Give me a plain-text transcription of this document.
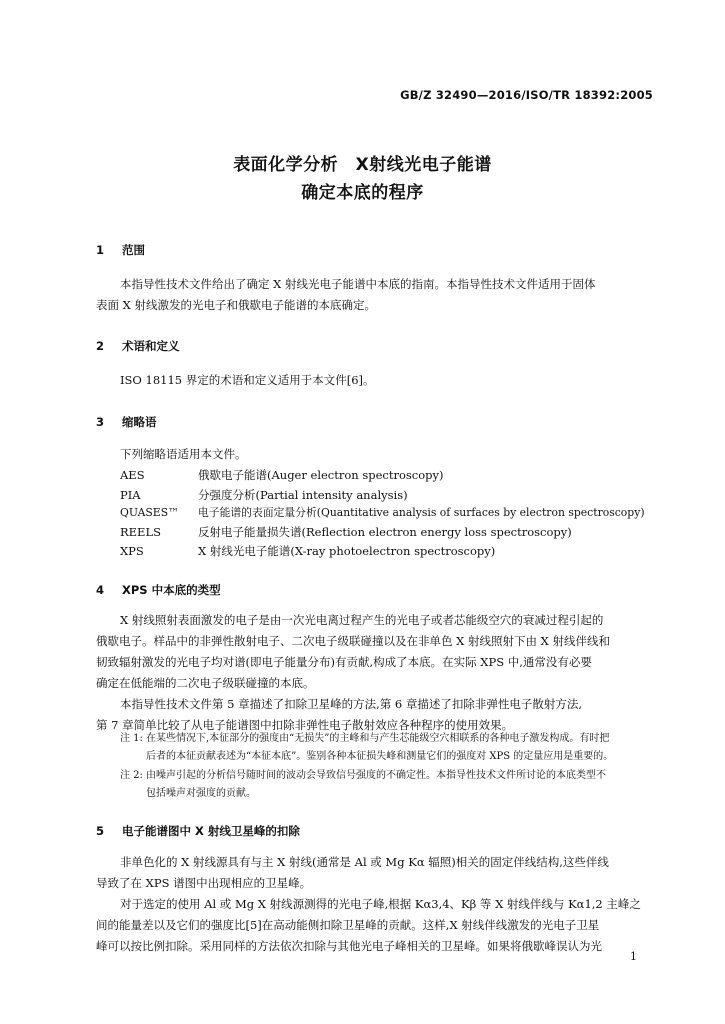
GB/Z 32490—2016/ISO/TR 18392:2005
表面化学分析　X射线光电子能谱
确定本底的程序
1 范围
本指导性技术文件给出了确定 X 射线光电子能谱中本底的指南。本指导性技术文件适用于固体
表面 X 射线激发的光电子和俄歇电子能谱的本底确定。
2 术语和定义
ISO 18115 界定的术语和定义适用于本文件[6]。
3 缩略语
下列缩略语适用本文件。
AES	俄歇电子能谱(Auger electron spectroscopy)
PIA	分强度分析(Partial intensity analysis)
QUASES™ 电子能谱的表面定量分析(Quantitative analysis of surfaces by electron spectroscopy)
REELS	反射电子能量损失谱(Reflection electron energy loss spectroscopy)
XPS	X 射线光电子能谱(X-ray photoelectron spectroscopy)
4 XPS 中本底的类型
X 射线照射表面激发的电子是由一次光电离过程产生的光电子或者芯能级空穴的衰减过程引起的
俄歇电子。样品中的非弹性散射电子、二次电子级联碰撞以及在非单色 X 射线照射下由 X 射线伴线和
韧致辐射激发的光电子均对谱(即电子能量分布)有贡献,构成了本底。在实际 XPS 中,通常没有必要
确定在低能端的二次电子级联碰撞的本底。
本指导性技术文件第 5 章描述了扣除卫星峰的方法,第 6 章描述了扣除非弹性电子散射方法,
第 7 章简单比较了从电子能谱图中扣除非弹性电子散射效应各种程序的使用效果。
注 1: 在某些情况下,本征部分的强度由“无损失”的主峰和与产生芯能级空穴相联系的各种电子激发构成。有时把
后者的本征贡献表述为“本征本底”。鉴别各种本征损失峰和测量它们的强度对 XPS 的定量应用是重要的。
注 2: 由噪声引起的分析信号随时间的波动会导致信号强度的不确定性。本指导性技术文件所讨论的本底类型不
包括噪声对强度的贡献。
5 电子能谱图中 X 射线卫星峰的扣除
非单色化的 X 射线源具有与主 X 射线(通常是 Al 或 Mg Kα 辐照)相关的固定伴线结构,这些伴线
导致了在 XPS 谱图中出现相应的卫星峰。
对于选定的使用 Al 或 Mg X 射线源测得的光电子峰,根据 Kα3,4、Kβ 等 X 射线伴线与 Kα1,2 主峰之
间的能量差以及它们的强度比[5]在高动能侧扣除卫星峰的贡献。这样,X 射线伴线激发的光电子卫星
峰可以按比例扣除。采用同样的方法依次扣除与其他光电子峰相关的卫星峰。如果将俄歇峰误认为光
1
